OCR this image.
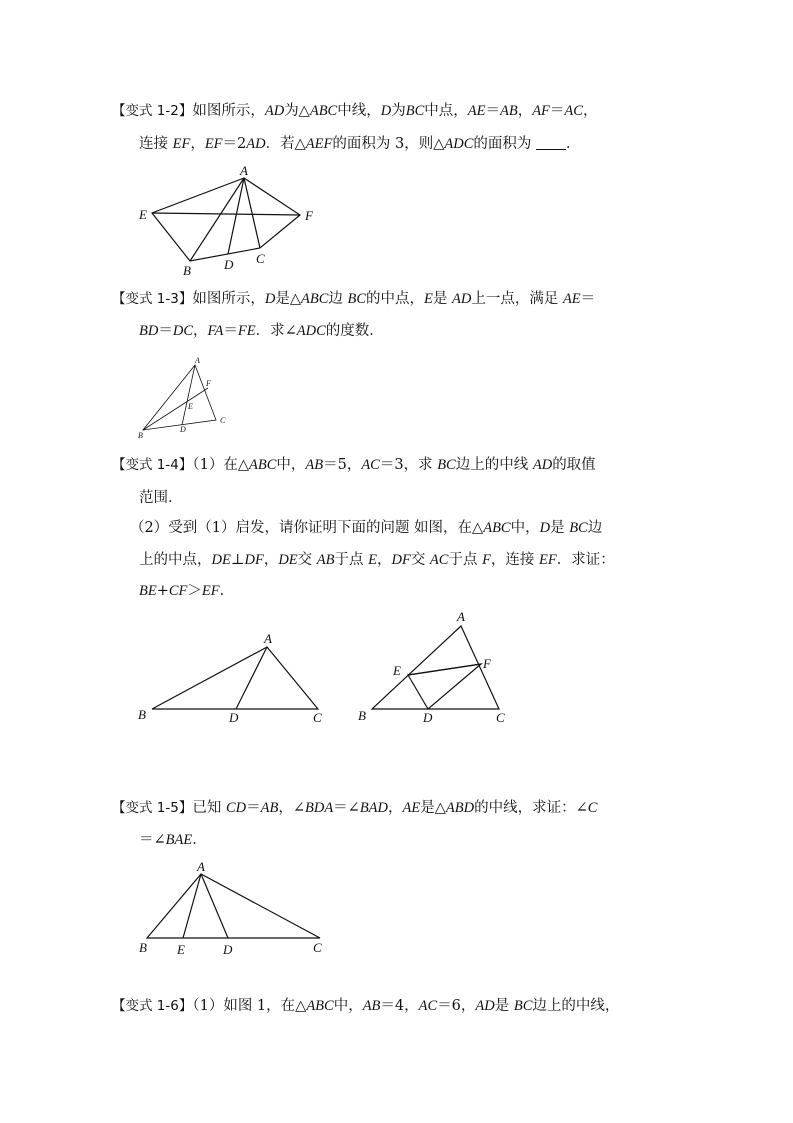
【变式 1-2】如图所示，AD为△ABC中线，D为BC中点，AE＝AB，AF＝AC，
连接 EF，EF＝2AD．若△AEF的面积为 3，则△ADC的面积为 ．
A
E	F
B	D C
【变式 1-3】如图所示，D是△ABC边 BC的中点，E是 AD上一点，满足 AE＝
BD＝DC，FA＝FE．求∠ADC的度数．
A
F
E
B
D
C
【变式 1-4】（1）在△ABC中，AB＝5，AC＝3，求 BC边上的中线 AD的取值
范围．
（2）受到（1）启发，请你证明下面的问题 如图，在△ABC中，D是 BC边
上的中点，DE⊥DF，DE交 AB于点 E，DF交 AC于点 F，连接 EF．求证：
BE+CF＞EF．
A
B	D	C
A
E	F
B	D	C
【变式 1-5】已知 CD＝AB，∠BDA＝∠BAD，AE是△ABD的中线，求证：∠C
＝∠BAE．
A
B E	D	C
【变式 1-6】（1）如图 1，在△ABC中，AB＝4，AC＝6，AD是 BC边上的中线，
